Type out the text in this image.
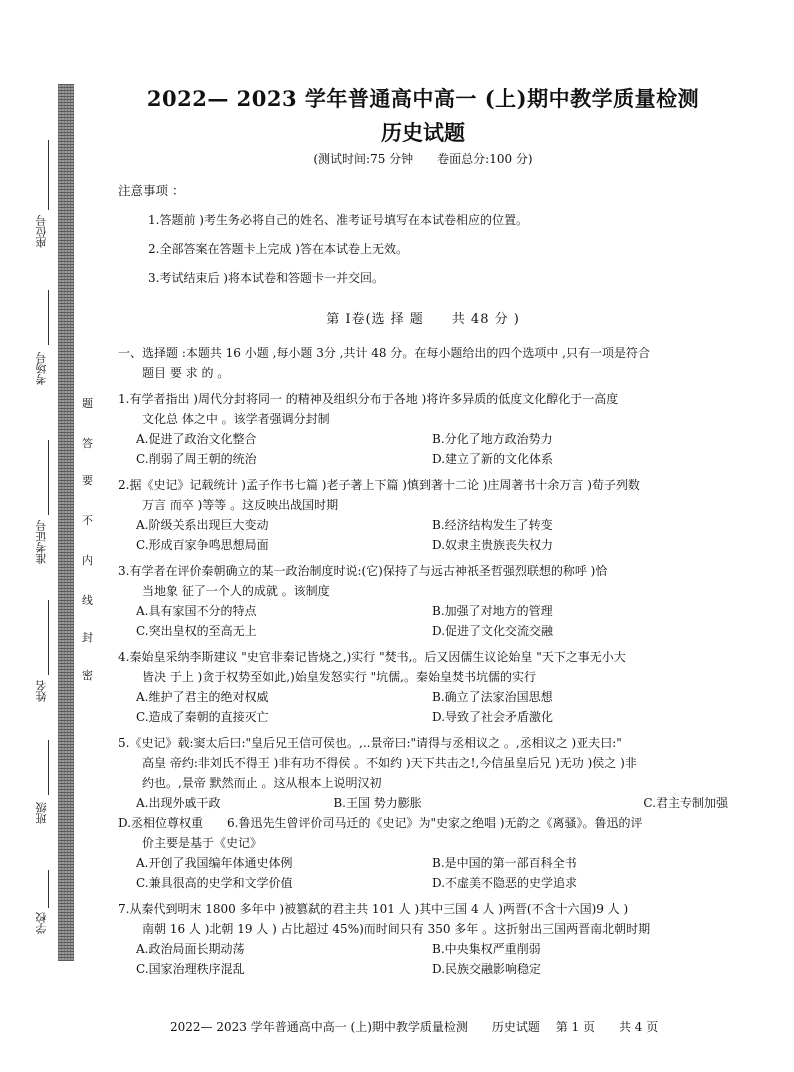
题
答
要
不
内
线
封
密
座位号
考场号
准考证号
姓名
班级
学校
2022— 2023 学年普通高中高一 (上)期中教学质量检测
历史试题
(测试时间:75 分钟　　卷面总分:100 分)
注意事项 ：
1.答题前 )考生务必将自己的姓名、准考证号填写在本试卷相应的位置。
2.全部答案在答题卡上完成 )答在本试卷上无效。
3.考试结束后 )将本试卷和答题卡一并交回。
第 I卷(选 择 题　　共 48 分 )
一、选择题 :本题共 16 小题 ,每小题 3分 ,共计 48 分。在每小题给出的四个选项中 ,只有一项是符合
题目 要 求 的 。
1.有学者指出 )周代分封将同一 的精神及组织分布于各地 )将许多异质的低度文化醇化于一高度
文化总 体之中 。该学者强调分封制
A.促进了政治文化整合	B.分化了地方政治势力
C.削弱了周王朝的统治	D.建立了新的文化体系
2.据《史记》记载统计 )孟子作书七篇 )老子著上下篇 )慎到著十二论 )庄周著书十余万言 )荀子列数
万言 而卒 )等等 。这反映出战国时期
A.阶级关系出现巨大变动	B.经济结构发生了转变
C.形成百家争鸣思想局面	D.奴隶主贵族丧失权力
3.有学者在评价秦朝确立的某一政治制度时说:(它)保持了与远古神祇圣哲强烈联想的称呼 )恰
当地象 征了一个人的成就 。该制度
A.具有家国不分的特点	B.加强了对地方的管理
C.突出皇权的至高无上	D.促进了文化交流交融
4.秦始皇采纳李斯建议 "史官非秦记皆烧之,)实行 "焚书,。后又因儒生议论始皇 "天下之事无小大
皆决 于上 )贪于权势至如此,)始皇发怒实行 "坑儒,。秦始皇焚书坑儒的实行
A.维护了君主的绝对权威	B.确立了法家治国思想
C.造成了秦朝的直接灭亡	D.导致了社会矛盾激化
5.《史记》载:窦太后曰:"皇后兄王信可侯也。,..景帝曰:"请得与丞相议之 。,丞相议之 )亚夫曰:"
高皇 帝约:非刘氏不得王 )非有功不得侯 。不如约 )天下共击之!,今信虽皇后兄 )无功 )侯之 )非
约也。,景帝 默然而止 。这从根本上说明汉初
A.出现外戚干政	B.王国 势力膨胀	C.君主专制加强
D.丞相位尊权重　　 6.鲁迅先生曾评价司马迁的《史记》为"史家之绝唱 )无韵之《离骚》。鲁迅的评
价主要是基于《史记》
A.开创了我国编年体通史体例	B.是中国的第一部百科全书
C.兼具很高的史学和文学价值	D.不虚美不隐恶的史学追求
7.从秦代到明末 1800 多年中 )被篡弑的君主共 101 人 )其中三国 4 人 )两晋(不含十六国)9 人 )
南朝 16 人 )北朝 19 人 ) 占比超过 45%)而时间只有 350 多年 。这折射出三国两晋南北朝时期
A.政治局面长期动荡	B.中央集权严重削弱
C.国家治理秩序混乱	D.民族交融影响稳定
2022— 2023 学年普通高中高一 (上)期中教学质量检测　　历史试题　 第 1 页　　共 4 页
